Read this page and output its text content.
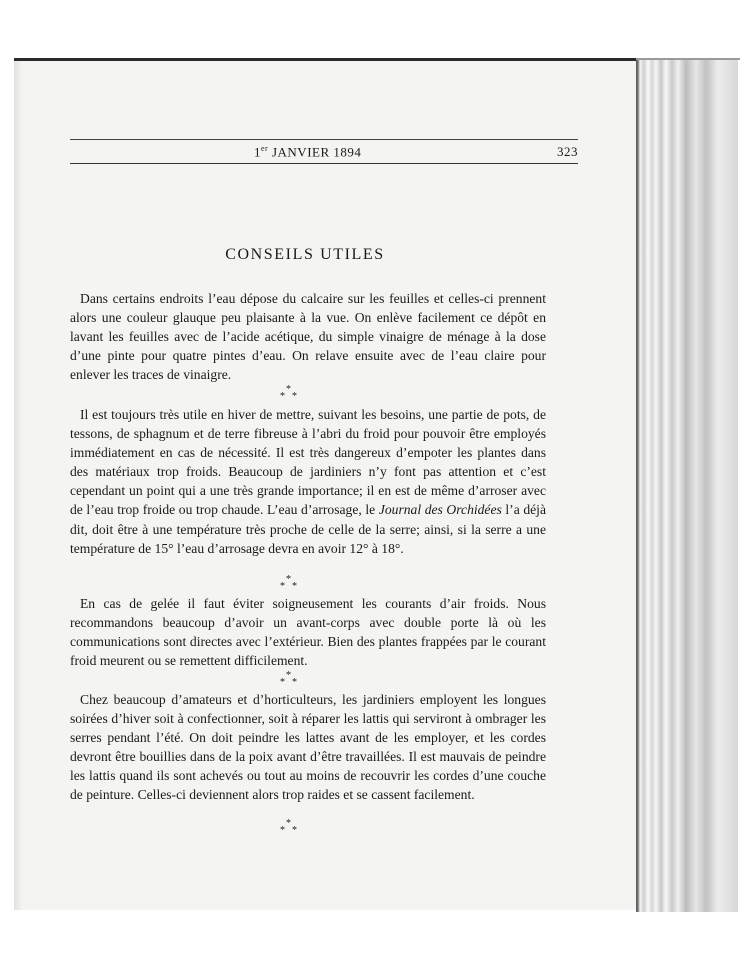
1er JANVIER 1894	323
CONSEILS UTILES

Dans certains endroits l’eau dépose du calcaire sur les feuilles et celles-ci prennent alors une couleur glauque peu plaisante à la vue. On enlève facilement ce dépôt en lavant les feuilles avec de l’acide acétique, du simple vinaigre de ménage à la dose d’une pinte pour quatre pintes d’eau. On relave ensuite avec de l’eau claire pour enlever les traces de vinaigre.

*
* *

Il est toujours très utile en hiver de mettre, suivant les besoins, une partie de pots, de tessons, de sphagnum et de terre fibreuse à l’abri du froid pour pouvoir être employés immédiatement en cas de nécessité. Il est très dangereux d’empoter les plantes dans des matériaux trop froids. Beaucoup de jardiniers n’y font pas attention et c’est cependant un point qui a une très grande importance; il en est de même d’arroser avec de l’eau trop froide ou trop chaude. L’eau d’arrosage, le Journal des Orchidées l’a déjà dit, doit être à une température très proche de celle de la serre; ainsi, si la serre a une température de 15° l’eau d’arrosage devra en avoir 12° à 18°.

*
* *

En cas de gelée il faut éviter soigneusement les courants d’air froids. Nous recommandons beaucoup d’avoir un avant-corps avec double porte là où les communications sont directes avec l’extérieur. Bien des plantes frappées par le courant froid meurent ou se remettent difficilement.

*
* *

Chez beaucoup d’amateurs et d’horticulteurs, les jardiniers employent les longues soirées d’hiver soit à confectionner, soit à réparer les lattis qui serviront à ombrager les serres pendant l’été. On doit peindre les lattes avant de les employer, et les cordes devront être bouillies dans de la poix avant d’être travaillées. Il est mauvais de peindre les lattis quand ils sont achevés ou tout au moins de recouvrir les cordes d’une couche de peinture. Celles-ci deviennent alors trop raides et se cassent facilement.

*
* *
